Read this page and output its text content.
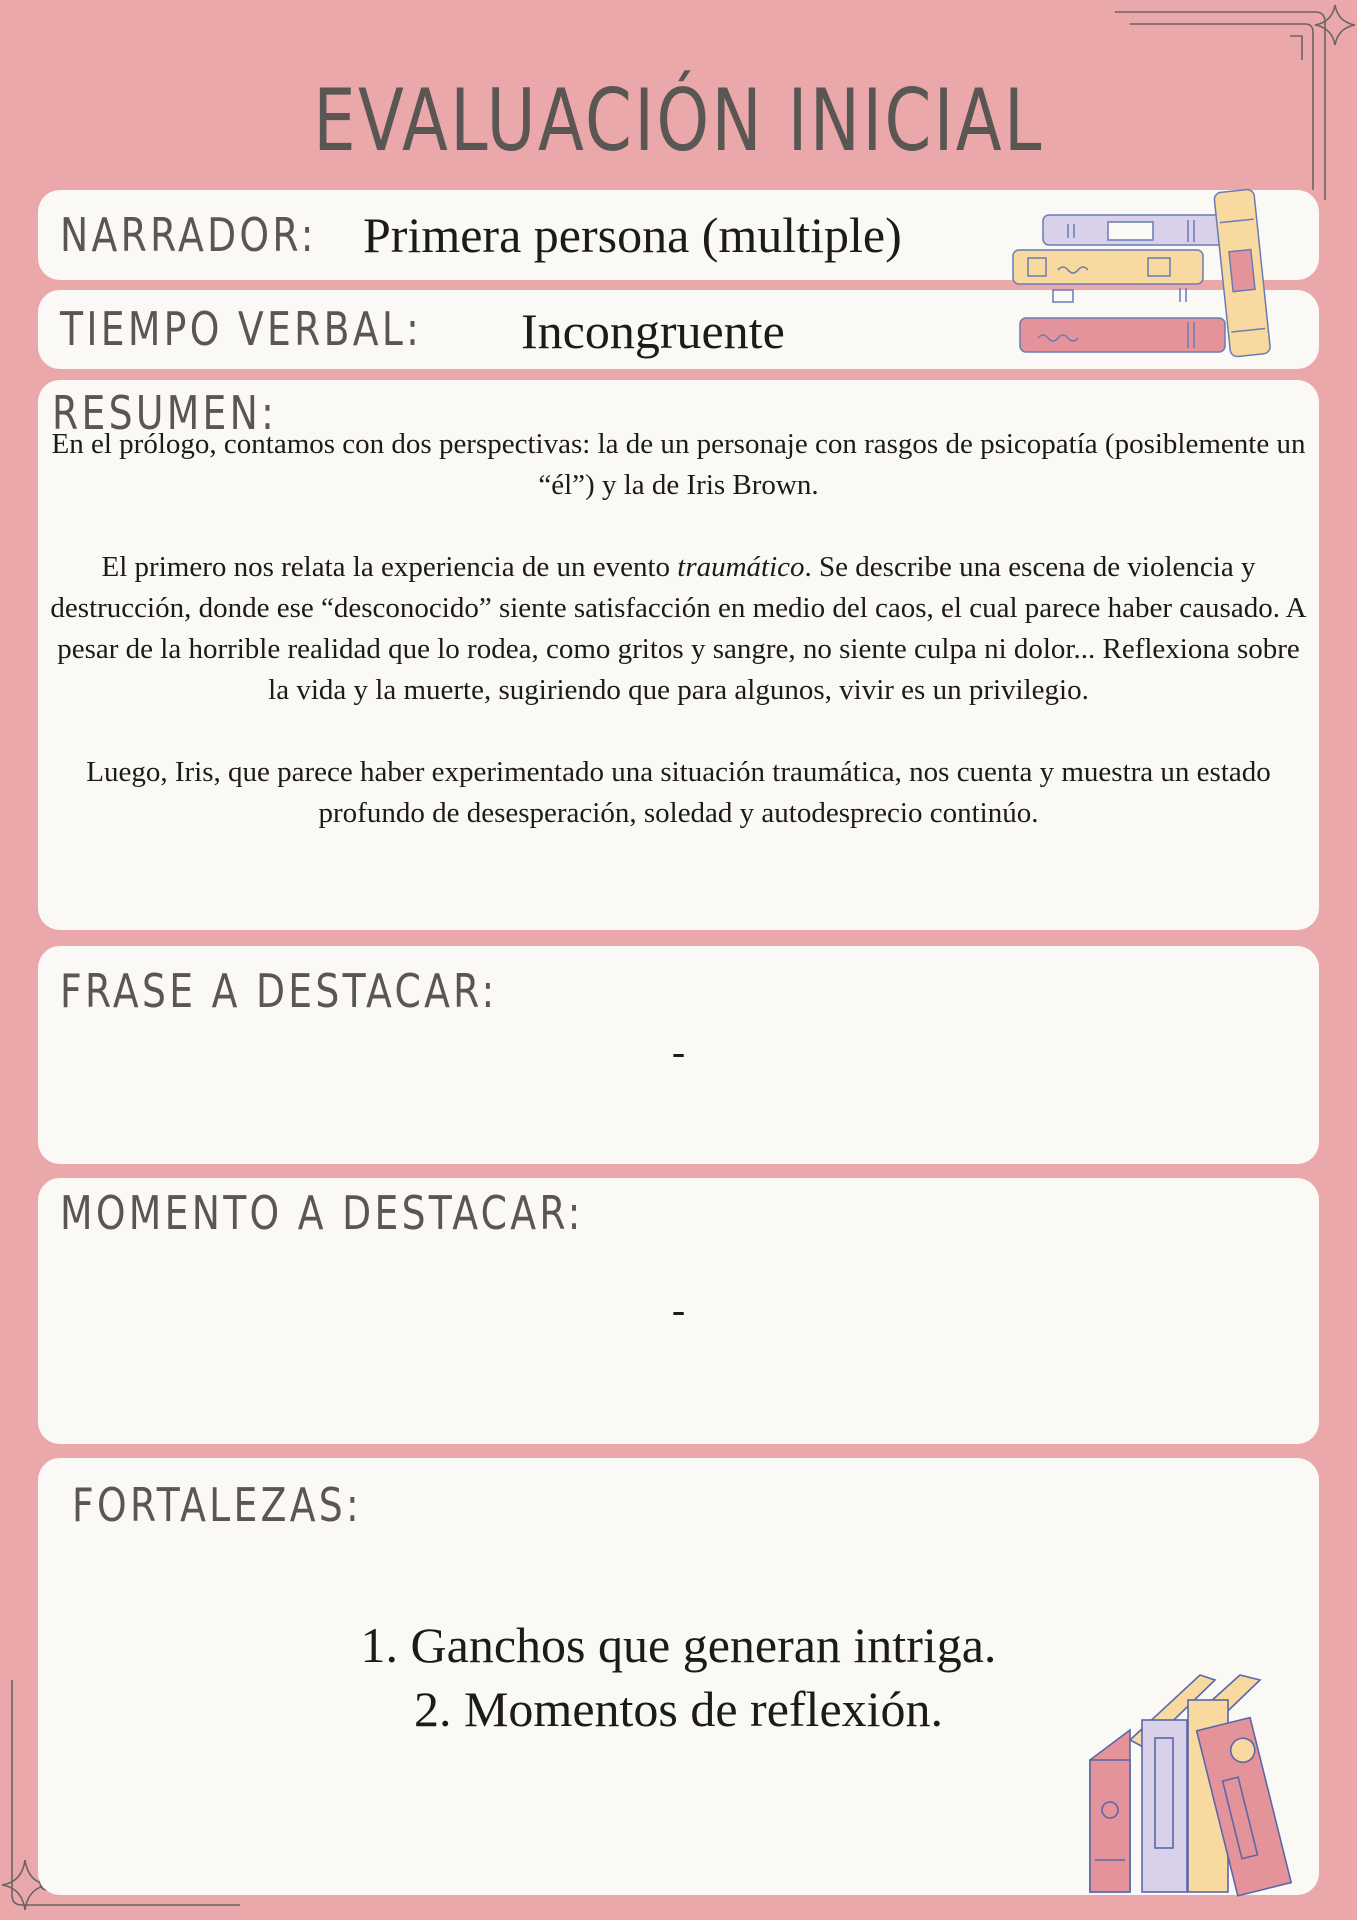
EVALUACIÓN INICIAL
NARRADOR: Primera persona (multiple)
TIEMPO VERBAL: Incongruente
RESUMEN:

En el prólogo, contamos con dos perspectivas: la de un personaje con rasgos de psicopatía (posiblemente un “él”) y la de Iris Brown.

El primero nos relata la experiencia de un evento traumático. Se describe una escena de violencia y destrucción, donde ese “desconocido” siente satisfacción en medio del caos, el cual parece haber causado. A pesar de la horrible realidad que lo rodea, como gritos y sangre, no siente culpa ni dolor... Reflexiona sobre la vida y la muerte, sugiriendo que para algunos, vivir es un privilegio.

Luego, Iris, que parece haber experimentado una situación traumática, nos cuenta y muestra un estado profundo de desesperación, soledad y autodesprecio continúo.

FRASE A DESTACAR:
-
MOMENTO A DESTACAR:
-
FORTALEZAS:
1. Ganchos que generan intriga.
2. Momentos de reflexión.
